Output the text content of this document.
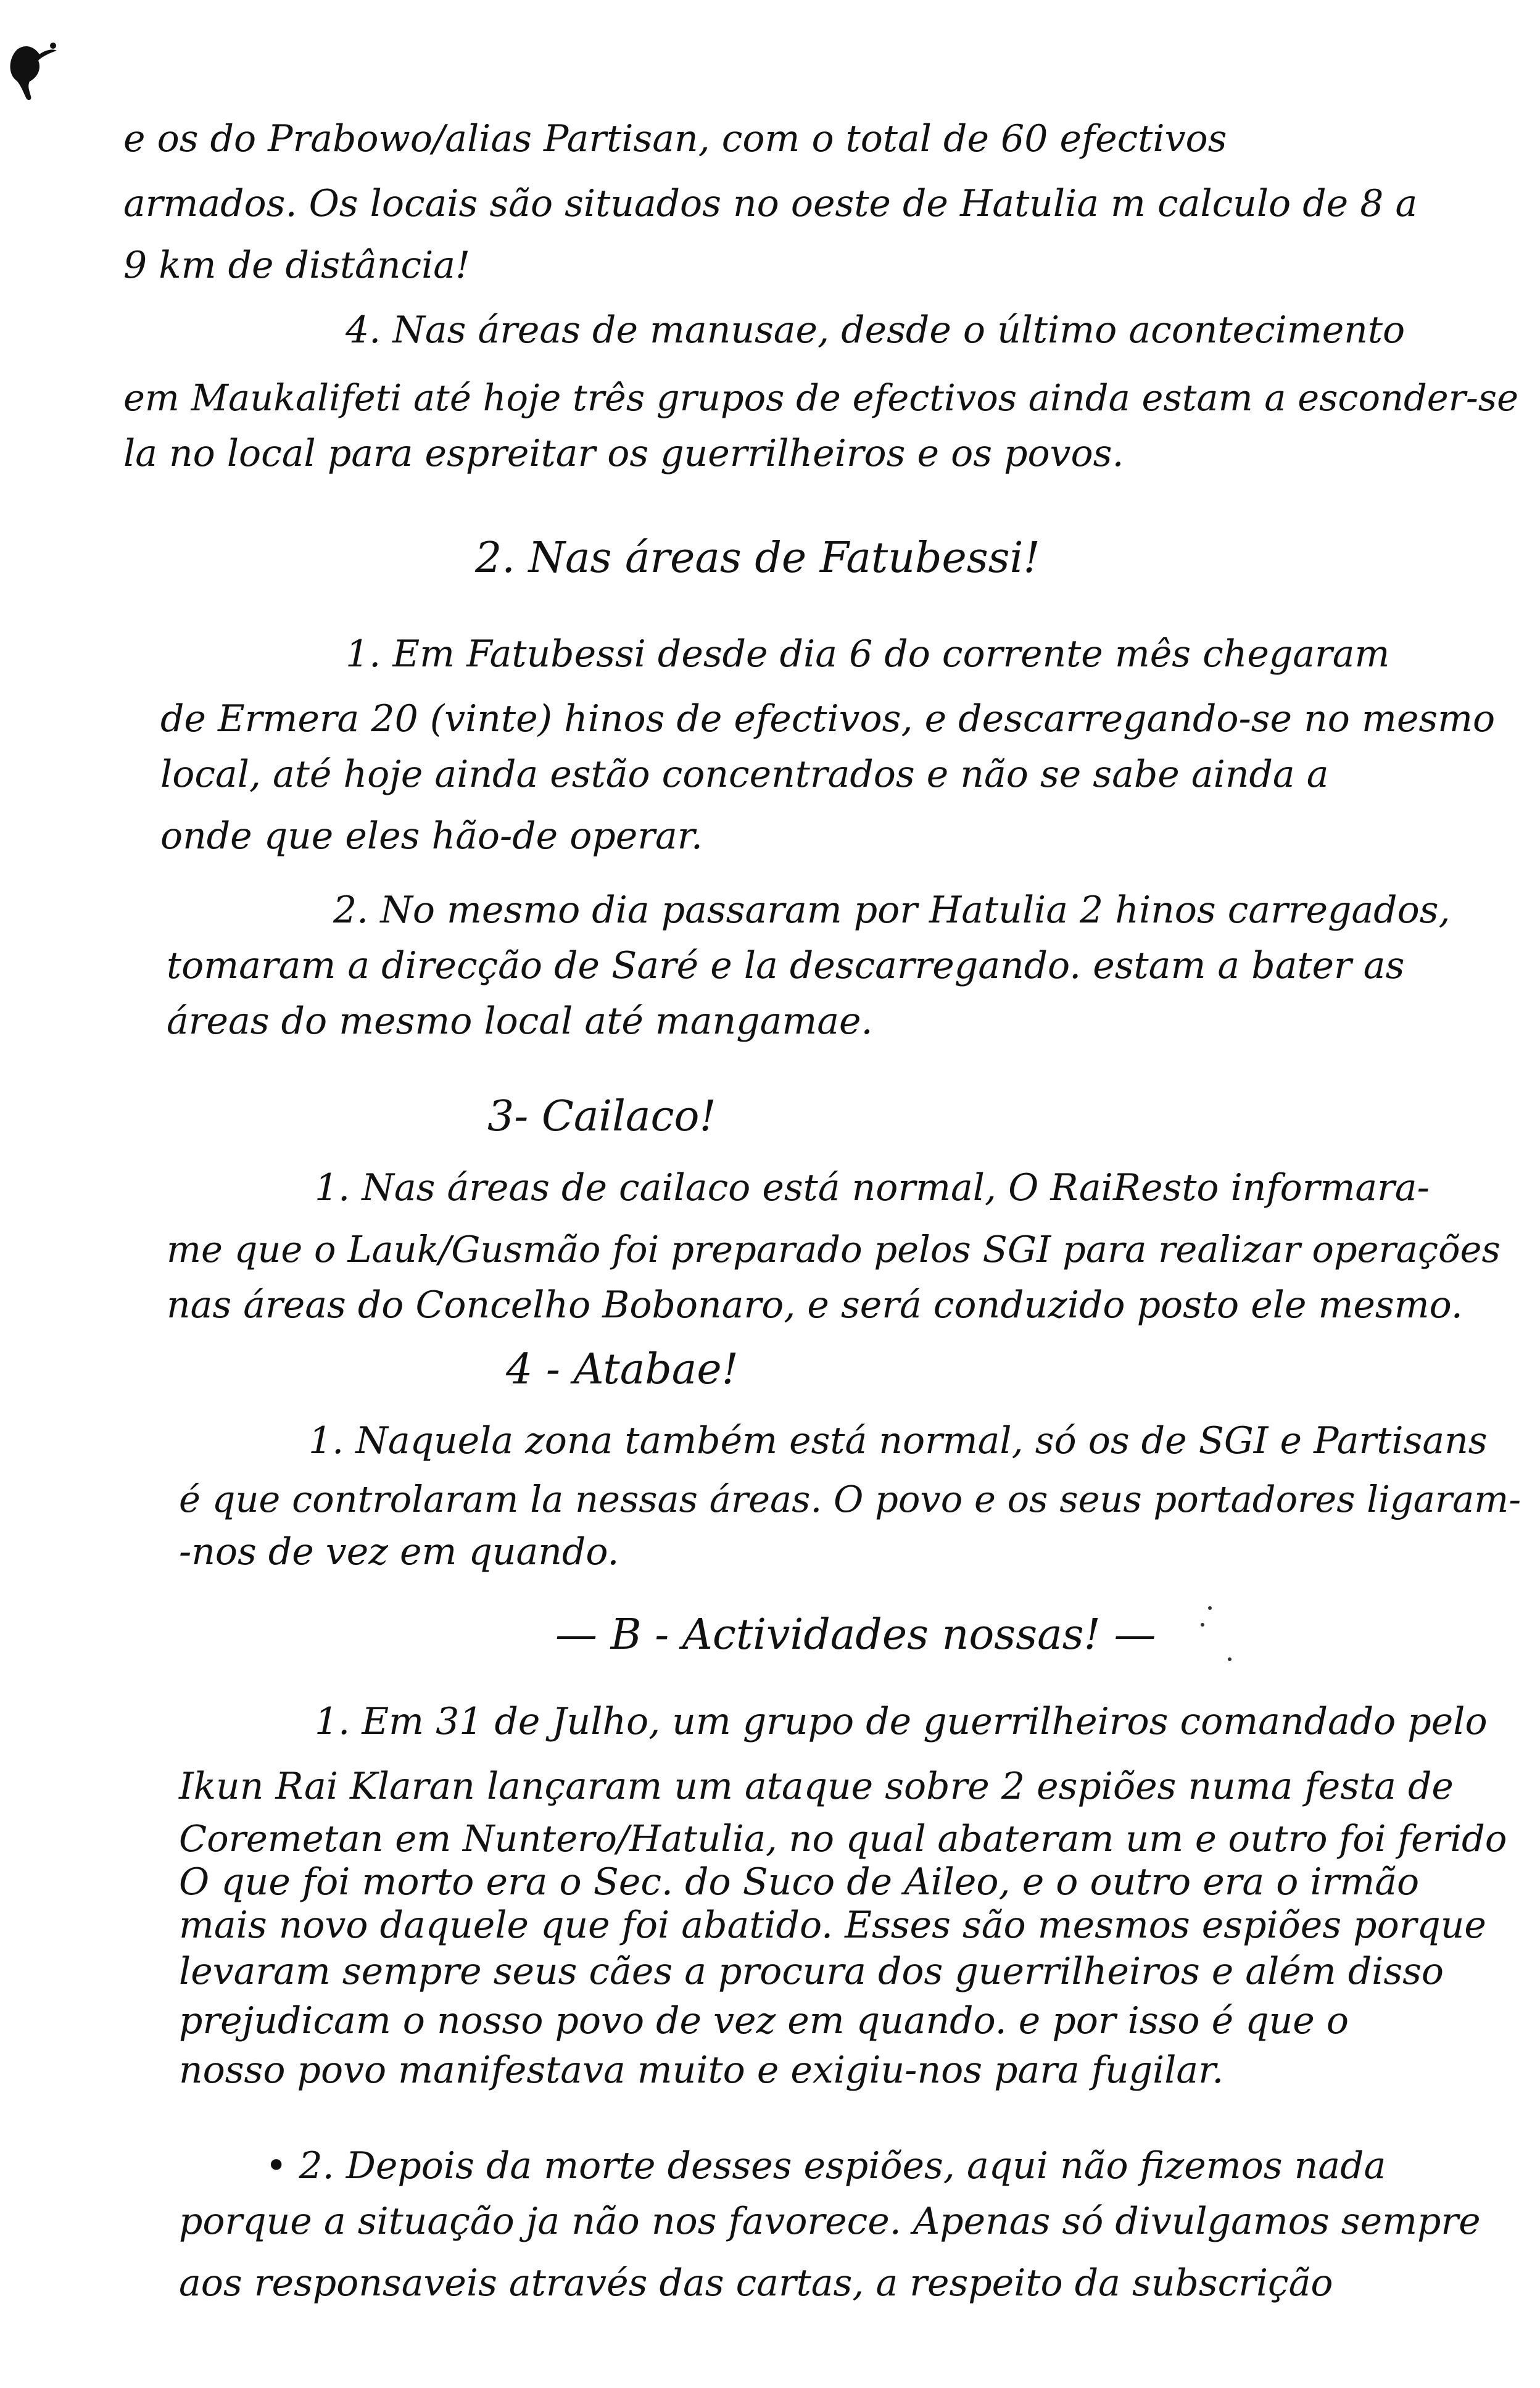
e os do Prabowo/alias Partisan, com o total de 60 efectivos
armados. Os locais são situados no oeste de Hatulia m calculo de 8 a
9 km de distância!
4. Nas áreas de manusae, desde o último acontecimento
em Maukalifeti até hoje três grupos de efectivos ainda estam a esconder-se
la no local para espreitar os guerrilheiros e os povos.
2. Nas áreas de Fatubessi!
1. Em Fatubessi desde dia 6 do corrente mês chegaram
de Ermera 20 (vinte) hinos de efectivos, e descarregando-se no mesmo
local, até hoje ainda estão concentrados e não se sabe ainda a
onde que eles hão-de operar.
2. No mesmo dia passaram por Hatulia 2 hinos carregados,
tomaram a direcção de Saré e la descarregando. estam a bater as
áreas do mesmo local até mangamae.
3- Cailaco!
1. Nas áreas de cailaco está normal, O RaiResto informara-
me que o Lauk/Gusmão foi preparado pelos SGI para realizar operações
nas áreas do Concelho Bobonaro, e será conduzido posto ele mesmo.
4 - Atabae!
1. Naquela zona também está normal, só os de SGI e Partisans
é que controlaram la nessas áreas. O povo e os seus portadores ligaram-
-nos de vez em quando.
— B - Actividades nossas! —
1. Em 31 de Julho, um grupo de guerrilheiros comandado pelo
Ikun Rai Klaran lançaram um ataque sobre 2 espiões numa festa de
Coremetan em Nuntero/Hatulia, no qual abateram um e outro foi ferido
O que foi morto era o Sec. do Suco de Aileo, e o outro era o irmão
mais novo daquele que foi abatido. Esses são mesmos espiões porque
levaram sempre seus cães a procura dos guerrilheiros e além disso
prejudicam o nosso povo de vez em quando. e por isso é que o
nosso povo manifestava muito e exigiu-nos para fugilar.
• 2. Depois da morte desses espiões, aqui não fizemos nada
porque a situação ja não nos favorece. Apenas só divulgamos sempre
aos responsaveis através das cartas, a respeito da subscrição
